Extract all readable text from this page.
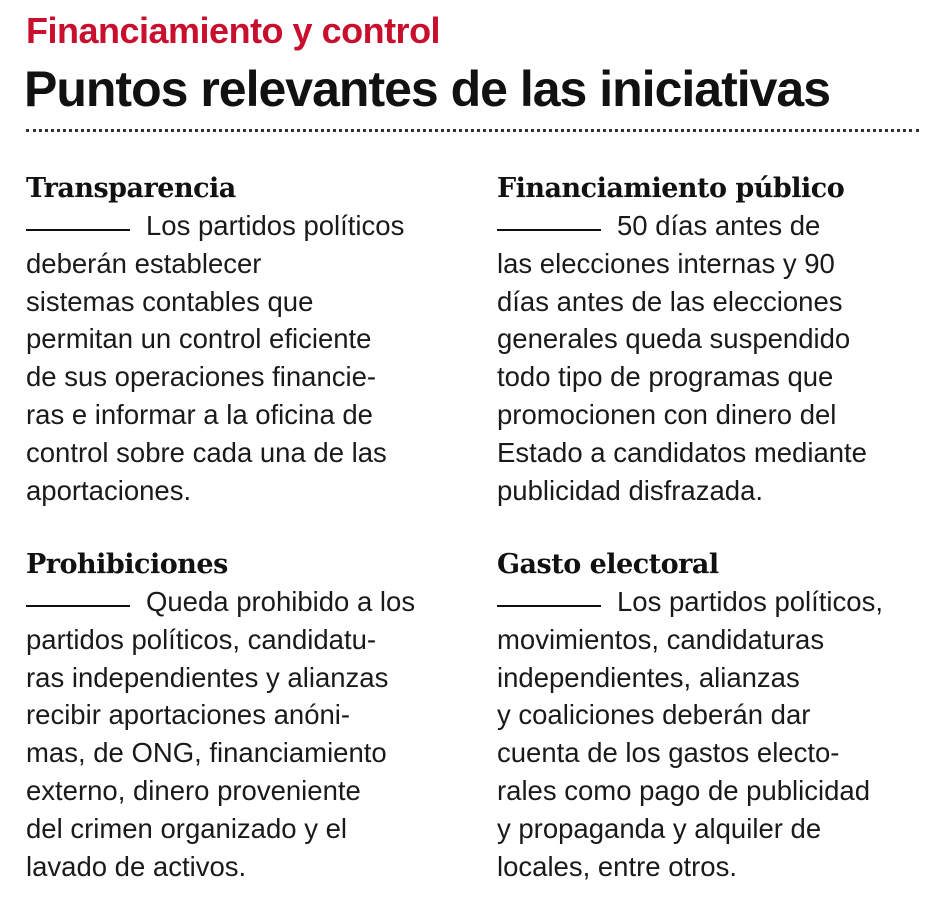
Financiamiento y control
Puntos relevantes de las iniciativas
Transparencia

Los partidos políticos
deberán establecer
sistemas contables que
permitan un control eficiente
de sus operaciones financie-
ras e informar a la oficina de
control sobre cada una de las
aportaciones.

Financiamiento público

50 días antes de
las elecciones internas y 90
días antes de las elecciones
generales queda suspendido
todo tipo de programas que
promocionen con dinero del
Estado a candidatos mediante
publicidad disfrazada.

Prohibiciones

Queda prohibido a los
partidos políticos, candidatu-
ras independientes y alianzas
recibir aportaciones anóni-
mas, de ONG, financiamiento
externo, dinero proveniente
del crimen organizado y el
lavado de activos.

Gasto electoral

Los partidos políticos,
movimientos, candidaturas
independientes, alianzas
y coaliciones deberán dar
cuenta de los gastos electo-
rales como pago de publicidad
y propaganda y alquiler de
locales, entre otros.
